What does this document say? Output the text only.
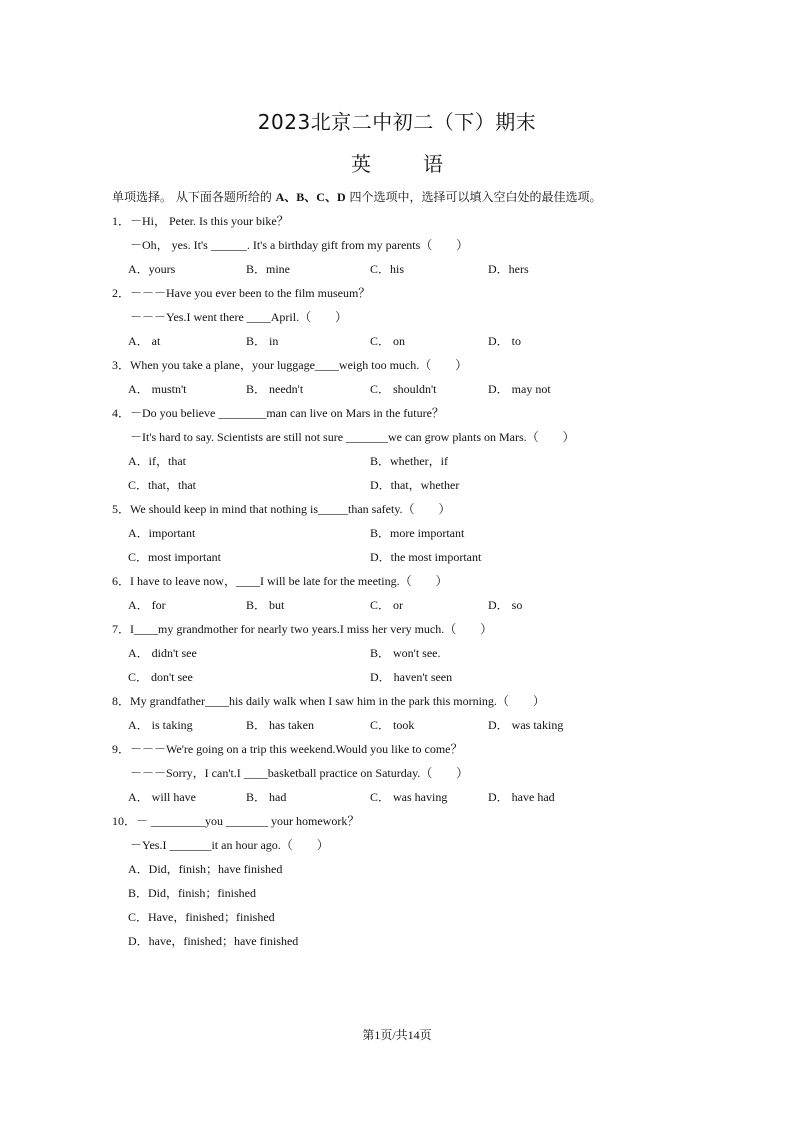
2023北京二中初二（下）期末
英	语
单项选择。 从下面各题所给的 A、B、C、D 四个选项中，选择可以填入空白处的最佳选项。
1．－Hi， Peter. Is this your bike？
－Oh， yes. It's ______. It's a birthday gift from my parents（　　）
A．yours	B．mine	C．his	D．hers
2．－－－Have you ever been to the film museum？
－－－Yes.I went there ____April.（　　）
A． at	B． in	C． on	D． to
3．When you take a plane，your luggage____weigh too much.（　　）
A． mustn't	B． needn't	C． shouldn't	D． may not
4．－Do you believe ________man can live on Mars in the future？
－It's hard to say. Scientists are still not sure _______we can grow plants on Mars.（　　）
A．if，that	B．whether，if
C．that，that	D．that，whether
5．We should keep in mind that nothing is_____than safety.（　　）
A．important	B．more important
C．most important	D．the most important
6．I have to leave now，____I will be late for the meeting.（　　）
A． for	B． but	C． or	D． so
7．I____my grandmother for nearly two years.I miss her very much.（　　）
A． didn't see	B． won't see.
C． don't see	D． haven't seen
8．My grandfather____his daily walk when I saw him in the park this morning.（　　）
A． is taking	B． has taken	C． took	D． was taking
9．－－－We're going on a trip this weekend.Would you like to come？
－－－Sorry，I can't.I ____basketball practice on Saturday.（　　）
A． will have	B． had	C． was having	D． have had
10．－ _________you _______ your homework？
－Yes.I _______it an hour ago.（　　）
A．Did，finish；have finished
B．Did，finish；finished
C．Have，finished；finished
D．have，finished；have finished
第1页/共14页
